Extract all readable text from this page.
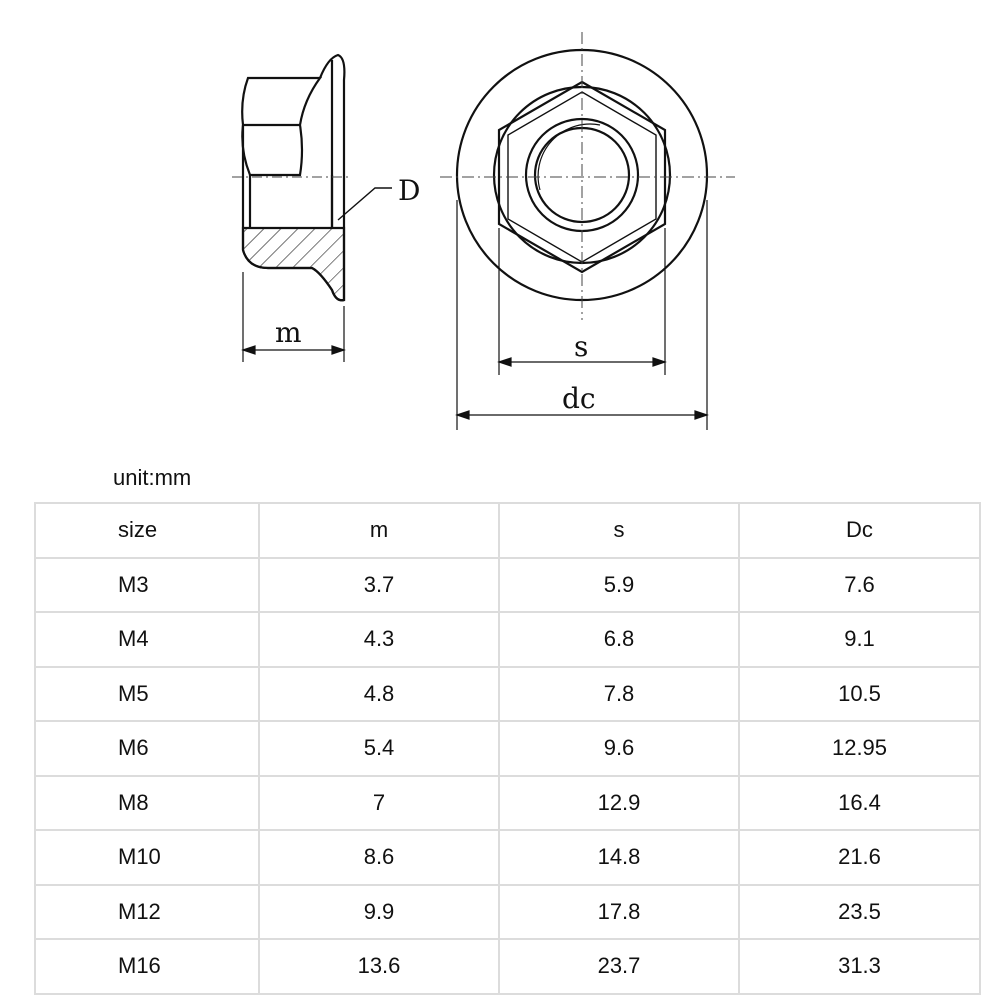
D
m	s
dc
unit:mm
size	m	s	Dc
M3	3.7	5.9	7.6
M4	4.3	6.8	9.1
M5	4.8	7.8	10.5
M6	5.4	9.6	12.95
M8	7	12.9	16.4
M10	8.6	14.8	21.6
M12	9.9	17.8	23.5
M16	13.6	23.7	31.3
